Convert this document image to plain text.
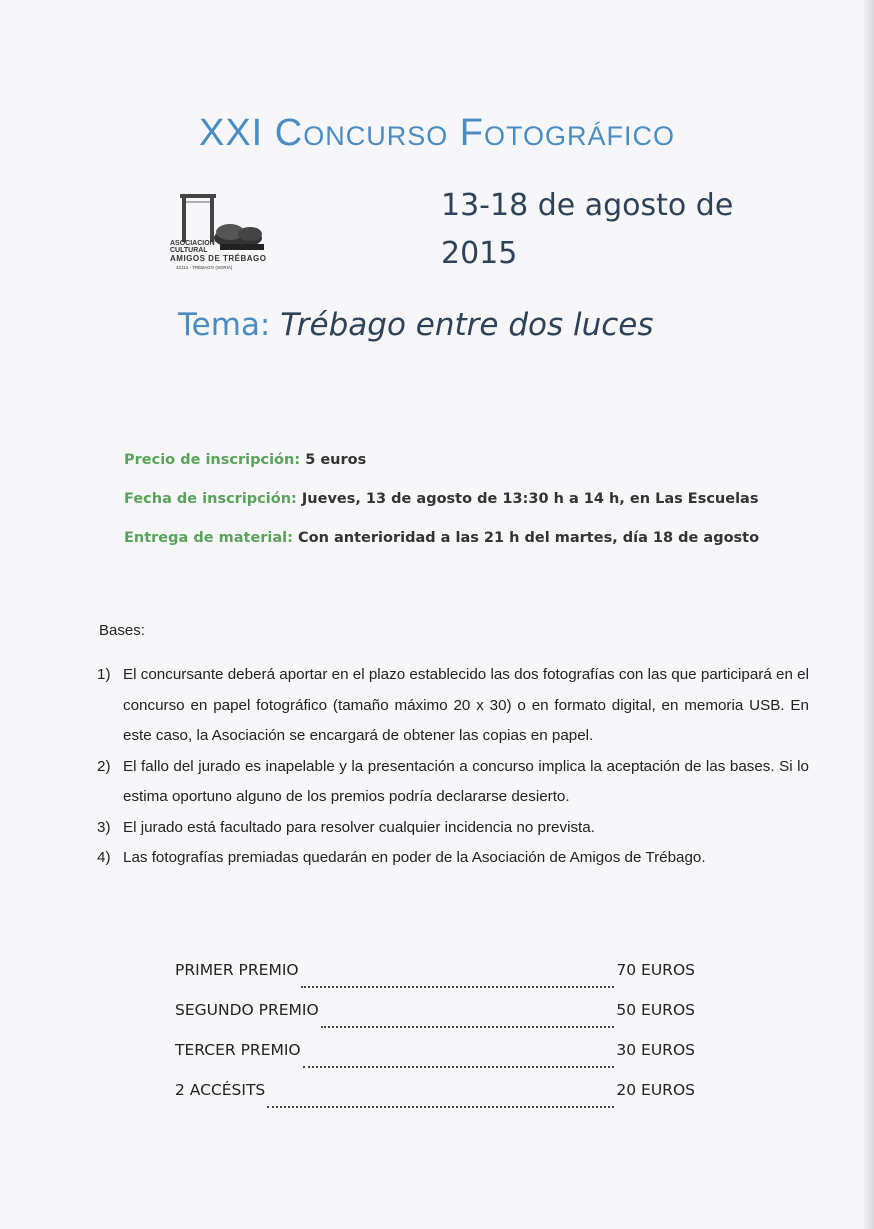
XXI Concurso Fotográfico
ASOCIACION
CULTURAL
AMIGOS DE TRÉBAGO
42113 - TRÉBAGO (SORIA)
13-18 de agosto de
2015
Tema: Trébago entre dos luces
Precio de inscripción: 5 euros
Fecha de inscripción: Jueves, 13 de agosto de 13:30 h a 14 h, en Las Escuelas
Entrega de material: Con anterioridad a las 21 h del martes, día 18 de agosto
Bases:
1) El concursante deberá aportar en el plazo establecido las dos fotografías con las que participará en el concurso en papel fotográfico (tamaño máximo 20 x 30) o en formato digital, en memoria USB. En este caso, la Asociación se encargará de obtener las copias en papel.
2) El fallo del jurado es inapelable y la presentación a concurso implica la aceptación de las bases. Si lo estima oportuno alguno de los premios podría declararse desierto.
3) El jurado está facultado para resolver cualquier incidencia no prevista.
4) Las fotografías premiadas quedarán en poder de la Asociación de Amigos de Trébago.
PRIMER PREMIO	70 EUROS
SEGUNDO PREMIO	50 EUROS
TERCER PREMIO	30 EUROS
2 ACCÉSITS	20 EUROS
